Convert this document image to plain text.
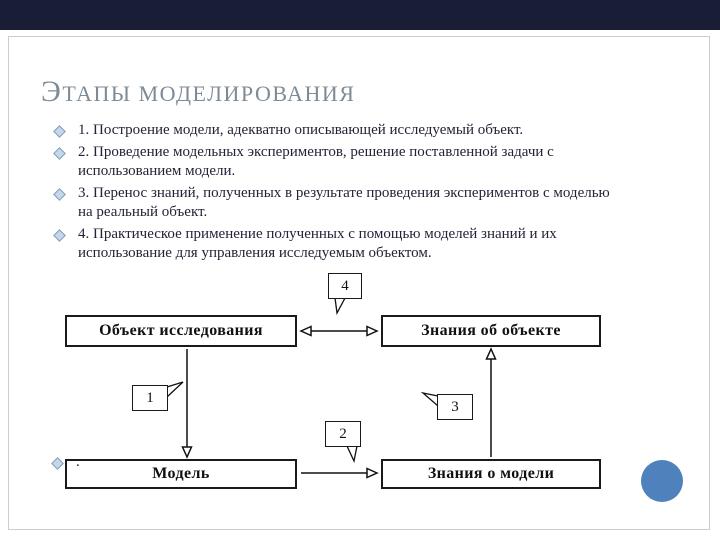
ЭТАПЫ МОДЕЛИРОВАНИЯ
1. Построение модели, адекватно описывающей исследуемый объект.
2. Проведение модельных экспериментов, решение поставленной задачи с использованием модели.
3. Перенос знаний, полученных в результате проведения экспериментов с моделью на реальный объект.
4. Практическое применение полученных с помощью моделей знаний и их использование для управления исследуемым объектом.
Объект исследования	Знания об объекте
Модель	Знания о модели
4
1
3
2
.
